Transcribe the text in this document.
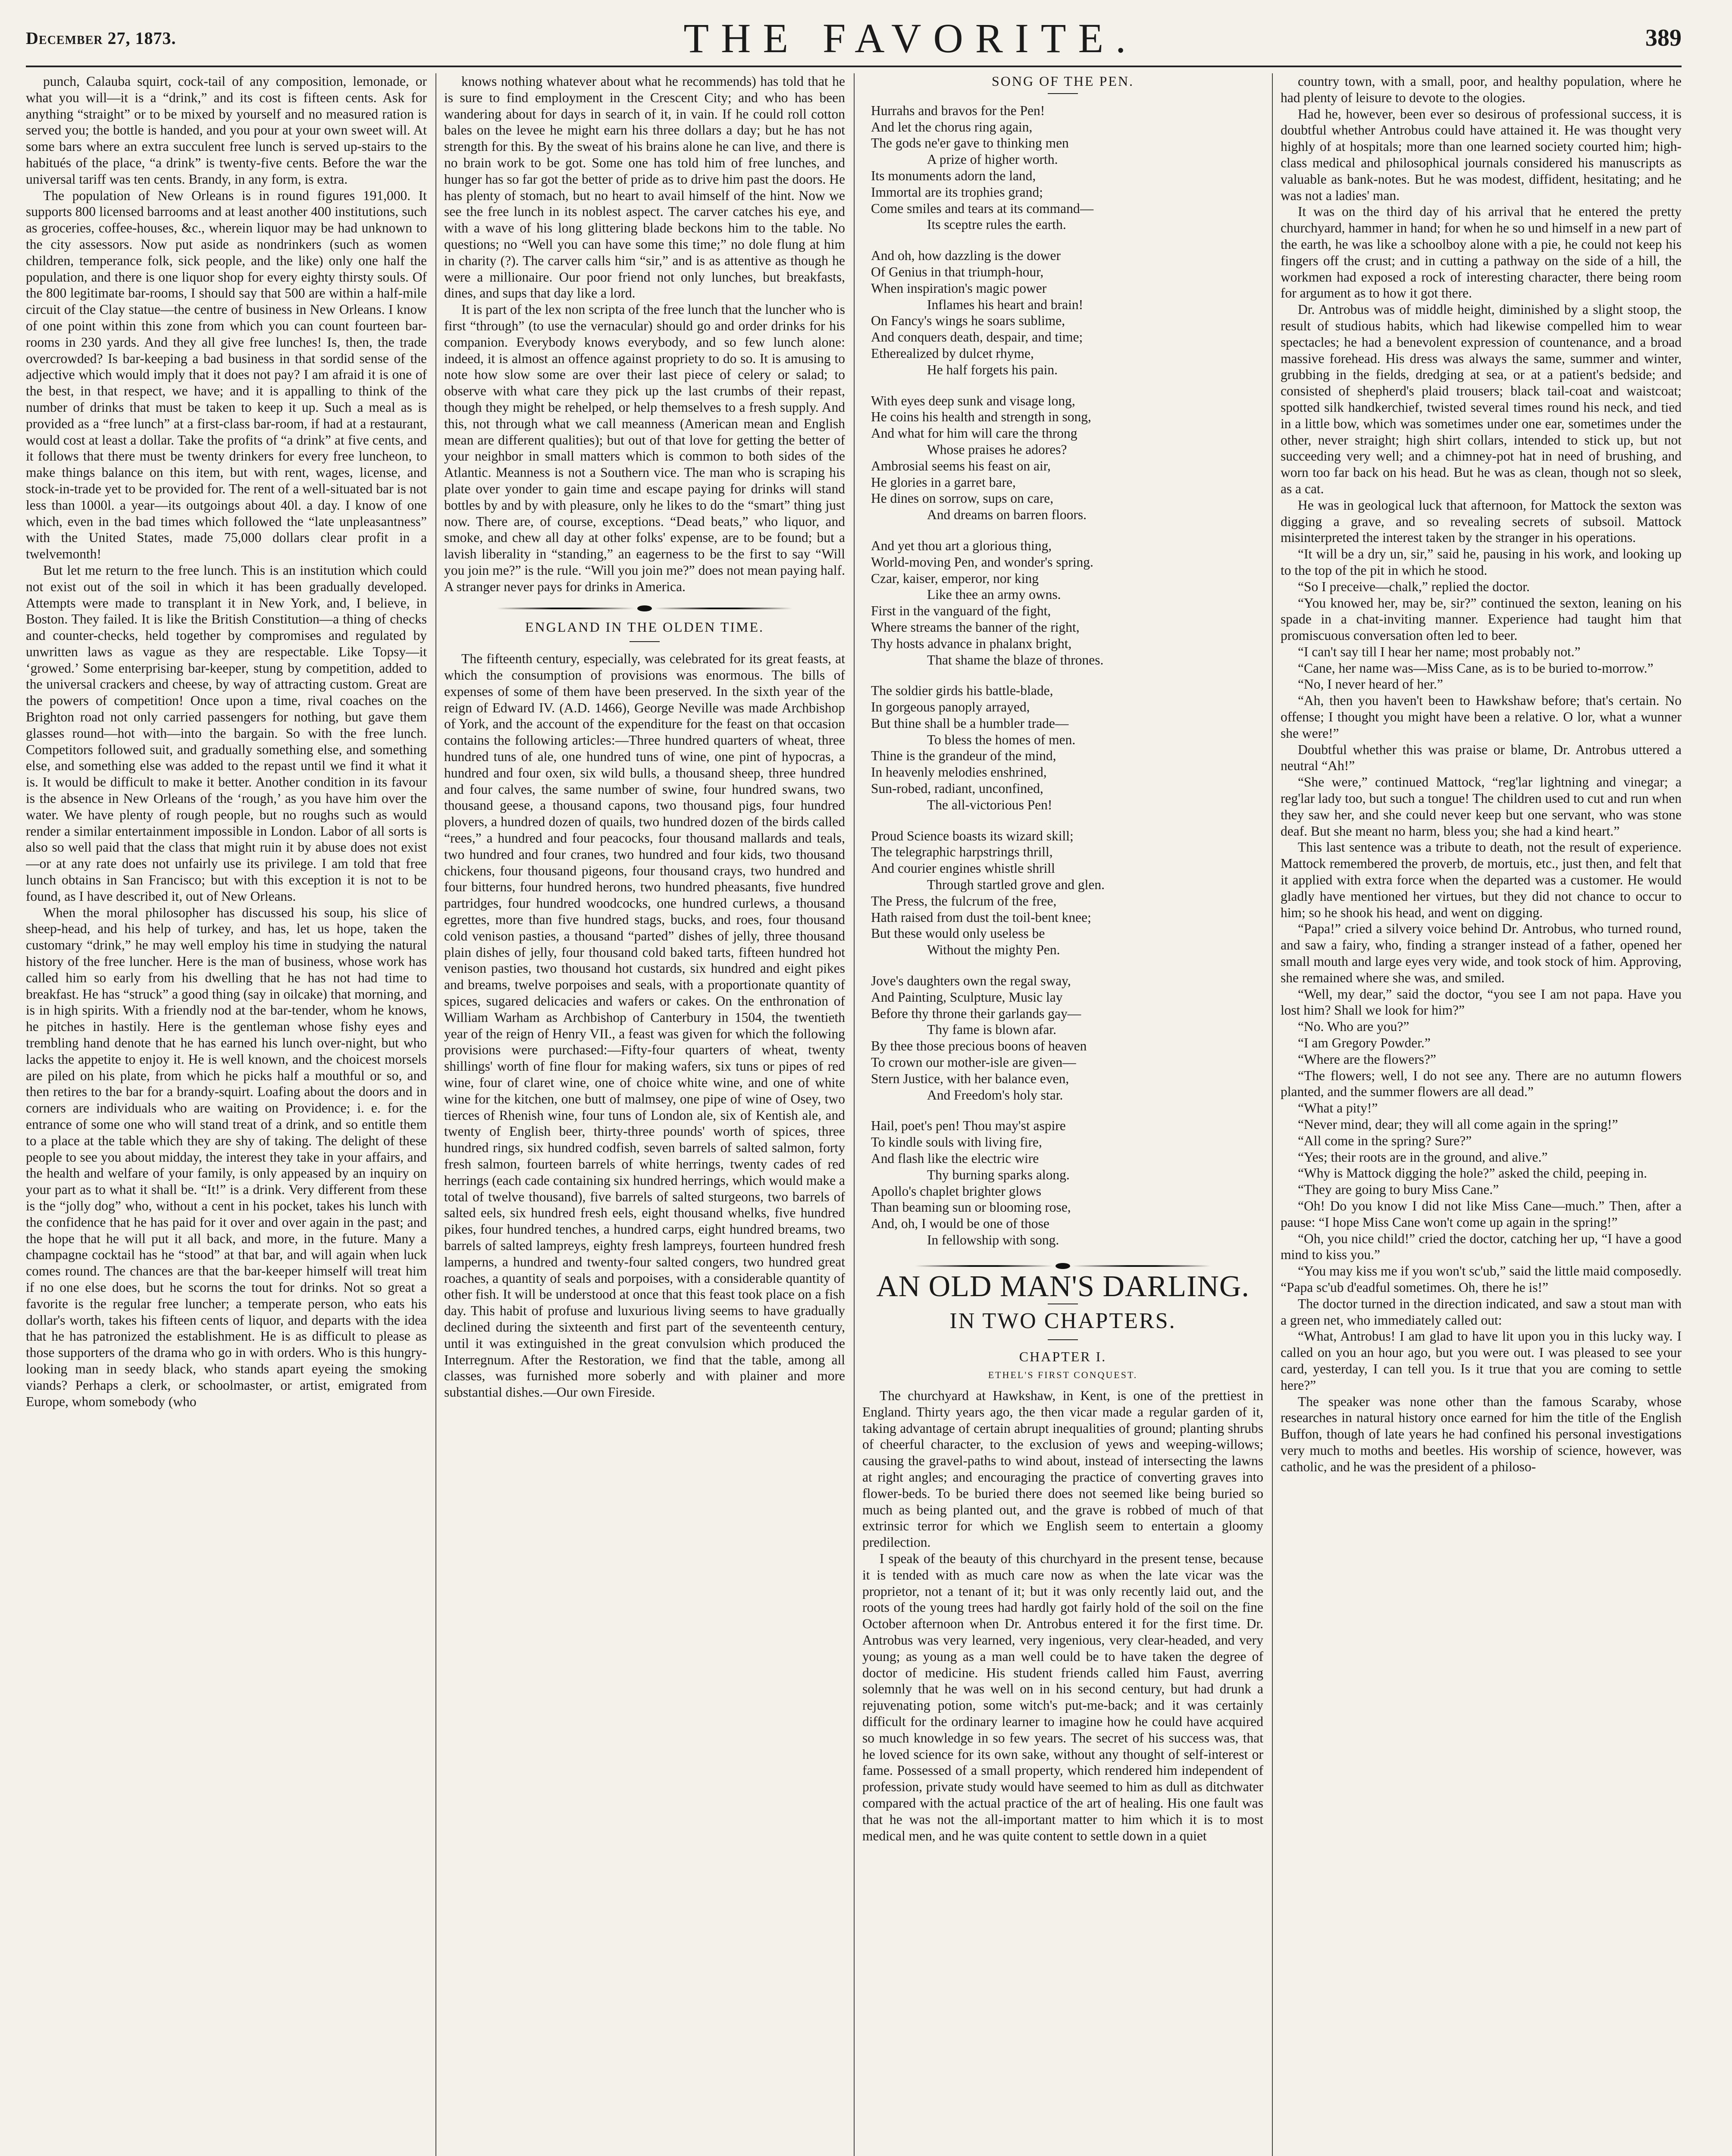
December 27, 1873.	THE FAVORITE.	389

punch, Calauba squirt, cock-tail of any composition, lemonade, or what you will—it is a “drink,” and its cost is fifteen cents. Ask for anything “straight” or to be mixed by yourself and no measured ration is served you; the bottle is handed, and you pour at your own sweet will. At some bars where an extra succulent free lunch is served up-stairs to the habitués of the place, “a drink” is twenty-five cents. Before the war the universal tariff was ten cents. Brandy, in any form, is extra.

The population of New Orleans is in round figures 191,000. It supports 800 licensed barrooms and at least another 400 institutions, such as groceries, coffee-houses, &c., wherein liquor may be had unknown to the city assessors. Now put aside as nondrinkers (such as women children, temperance folk, sick people, and the like) only one half the population, and there is one liquor shop for every eighty thirsty souls. Of the 800 legitimate bar-rooms, I should say that 500 are within a half-mile circuit of the Clay statue—the centre of business in New Orleans. I know of one point within this zone from which you can count fourteen bar-rooms in 230 yards. And they all give free lunches! Is, then, the trade overcrowded? Is bar-keeping a bad business in that sordid sense of the adjective which would imply that it does not pay? I am afraid it is one of the best, in that respect, we have; and it is appalling to think of the number of drinks that must be taken to keep it up. Such a meal as is provided as a “free lunch” at a first-class bar-room, if had at a restaurant, would cost at least a dollar. Take the profits of “a drink” at five cents, and it follows that there must be twenty drinkers for every free luncheon, to make things balance on this item, but with rent, wages, license, and stock-in-trade yet to be provided for. The rent of a well-situated bar is not less than 1000l. a year—its outgoings about 40l. a day. I know of one which, even in the bad times which followed the “late unpleasantness” with the United States, made 75,000 dollars clear profit in a twelvemonth!

But let me return to the free lunch. This is an institution which could not exist out of the soil in which it has been gradually developed. Attempts were made to transplant it in New York, and, I believe, in Boston. They failed. It is like the British Constitution—a thing of checks and counter-checks, held together by compromises and regulated by unwritten laws as vague as they are respectable. Like Topsy—it ‘growed.’ Some enterprising bar-keeper, stung by competition, added to the universal crackers and cheese, by way of attracting custom. Great are the powers of competition! Once upon a time, rival coaches on the Brighton road not only carried passengers for nothing, but gave them glasses round—hot with—into the bargain. So with the free lunch. Competitors followed suit, and gradually something else, and something else, and something else was added to the repast until we find it what it is. It would be difficult to make it better. Another condition in its favour is the absence in New Orleans of the ‘rough,’ as you have him over the water. We have plenty of rough people, but no roughs such as would render a similar entertainment impossible in London. Labor of all sorts is also so well paid that the class that might ruin it by abuse does not exist—or at any rate does not unfairly use its privilege. I am told that free lunch obtains in San Francisco; but with this exception it is not to be found, as I have described it, out of New Orleans.

When the moral philosopher has discussed his soup, his slice of sheep-head, and his help of turkey, and has, let us hope, taken the customary “drink,” he may well employ his time in studying the natural history of the free luncher. Here is the man of business, whose work has called him so early from his dwelling that he has not had time to breakfast. He has “struck” a good thing (say in oilcake) that morning, and is in high spirits. With a friendly nod at the bar-tender, whom he knows, he pitches in hastily. Here is the gentleman whose fishy eyes and trembling hand denote that he has earned his lunch over-night, but who lacks the appetite to enjoy it. He is well known, and the choicest morsels are piled on his plate, from which he picks half a mouthful or so, and then retires to the bar for a brandy-squirt. Loafing about the doors and in corners are individuals who are waiting on Providence; i. e. for the entrance of some one who will stand treat of a drink, and so entitle them to a place at the table which they are shy of taking. The delight of these people to see you about midday, the interest they take in your affairs, and the health and welfare of your family, is only appeased by an inquiry on your part as to what it shall be. “It!” is a drink. Very different from these is the “jolly dog” who, without a cent in his pocket, takes his lunch with the confidence that he has paid for it over and over again in the past; and the hope that he will put it all back, and more, in the future. Many a champagne cocktail has he “stood” at that bar, and will again when luck comes round. The chances are that the bar-keeper himself will treat him if no one else does, but he scorns the tout for drinks. Not so great a favorite is the regular free luncher; a temperate person, who eats his dollar's worth, takes his fifteen cents of liquor, and departs with the idea that he has patronized the establishment. He is as difficult to please as those supporters of the drama who go in with orders. Who is this hungry-looking man in seedy black, who stands apart eyeing the smoking viands? Perhaps a clerk, or schoolmaster, or artist, emigrated from Europe, whom somebody (who

knows nothing whatever about what he recommends) has told that he is sure to find employment in the Crescent City; and who has been wandering about for days in search of it, in vain. If he could roll cotton bales on the levee he might earn his three dollars a day; but he has not strength for this. By the sweat of his brains alone he can live, and there is no brain work to be got. Some one has told him of free lunches, and hunger has so far got the better of pride as to drive him past the doors. He has plenty of stomach, but no heart to avail himself of the hint. Now we see the free lunch in its noblest aspect. The carver catches his eye, and with a wave of his long glittering blade beckons him to the table. No questions; no “Well you can have some this time;” no dole flung at him in charity (?). The carver calls him “sir,” and is as attentive as though he were a millionaire. Our poor friend not only lunches, but breakfasts, dines, and sups that day like a lord.

It is part of the lex non scripta of the free lunch that the luncher who is first “through” (to use the vernacular) should go and order drinks for his companion. Everybody knows everybody, and so few lunch alone: indeed, it is almost an offence against propriety to do so. It is amusing to note how slow some are over their last piece of celery or salad; to observe with what care they pick up the last crumbs of their repast, though they might be rehelped, or help themselves to a fresh supply. And this, not through what we call meanness (American mean and English mean are different qualities); but out of that love for getting the better of your neighbor in small matters which is common to both sides of the Atlantic. Meanness is not a Southern vice. The man who is scraping his plate over yonder to gain time and escape paying for drinks will stand bottles by and by with pleasure, only he likes to do the “smart” thing just now. There are, of course, exceptions. “Dead beats,” who liquor, and smoke, and chew all day at other folks' expense, are to be found; but a lavish liberality in “standing,” an eagerness to be the first to say “Will you join me?” is the rule. “Will you join me?” does not mean paying half. A stranger never pays for drinks in America.

ENGLAND IN THE OLDEN TIME.

The fifteenth century, especially, was celebrated for its great feasts, at which the consumption of provisions was enormous. The bills of expenses of some of them have been preserved. In the sixth year of the reign of Edward IV. (A.D. 1466), George Neville was made Archbishop of York, and the account of the expenditure for the feast on that occasion contains the following articles:—Three hundred quarters of wheat, three hundred tuns of ale, one hundred tuns of wine, one pint of hypocras, a hundred and four oxen, six wild bulls, a thousand sheep, three hundred and four calves, the same number of swine, four hundred swans, two thousand geese, a thousand capons, two thousand pigs, four hundred plovers, a hundred dozen of quails, two hundred dozen of the birds called “rees,” a hundred and four peacocks, four thousand mallards and teals, two hundred and four cranes, two hundred and four kids, two thousand chickens, four thousand pigeons, four thousand crays, two hundred and four bitterns, four hundred herons, two hundred pheasants, five hundred partridges, four hundred woodcocks, one hundred curlews, a thousand egrettes, more than five hundred stags, bucks, and roes, four thousand cold venison pasties, a thousand “parted” dishes of jelly, three thousand plain dishes of jelly, four thousand cold baked tarts, fifteen hundred hot venison pasties, two thousand hot custards, six hundred and eight pikes and breams, twelve porpoises and seals, with a proportionate quantity of spices, sugared delicacies and wafers or cakes. On the enthronation of William Warham as Archbishop of Canterbury in 1504, the twentieth year of the reign of Henry VII., a feast was given for which the following provisions were purchased:—Fifty-four quarters of wheat, twenty shillings' worth of fine flour for making wafers, six tuns or pipes of red wine, four of claret wine, one of choice white wine, and one of white wine for the kitchen, one butt of malmsey, one pipe of wine of Osey, two tierces of Rhenish wine, four tuns of London ale, six of Kentish ale, and twenty of English beer, thirty-three pounds' worth of spices, three hundred rings, six hundred codfish, seven barrels of salted salmon, forty fresh salmon, fourteen barrels of white herrings, twenty cades of red herrings (each cade containing six hundred herrings, which would make a total of twelve thousand), five barrels of salted sturgeons, two barrels of salted eels, six hundred fresh eels, eight thousand whelks, five hundred pikes, four hundred tenches, a hundred carps, eight hundred breams, two barrels of salted lampreys, eighty fresh lampreys, fourteen hundred fresh lamperns, a hundred and twenty-four salted congers, two hundred great roaches, a quantity of seals and porpoises, with a considerable quantity of other fish. It will be understood at once that this feast took place on a fish day. This habit of profuse and luxurious living seems to have gradually declined during the sixteenth and first part of the seventeenth century, until it was extinguished in the great convulsion which produced the Interregnum. After the Restoration, we find that the table, among all classes, was furnished more soberly and with plainer and more substantial dishes.—Our own Fireside.

SONG OF THE PEN.
Hurrahs and bravos for the Pen!
And let the chorus ring again,
The gods ne'er gave to thinking men
A prize of higher worth.
Its monuments adorn the land,
Immortal are its trophies grand;
Come smiles and tears at its command—
Its sceptre rules the earth.
And oh, how dazzling is the dower
Of Genius in that triumph-hour,
When inspiration's magic power
Inflames his heart and brain!
On Fancy's wings he soars sublime,
And conquers death, despair, and time;
Etherealized by dulcet rhyme,
He half forgets his pain.
With eyes deep sunk and visage long,
He coins his health and strength in song,
And what for him will care the throng
Whose praises he adores?
Ambrosial seems his feast on air,
He glories in a garret bare,
He dines on sorrow, sups on care,
And dreams on barren floors.
And yet thou art a glorious thing,
World-moving Pen, and wonder's spring.
Czar, kaiser, emperor, nor king
Like thee an army owns.
First in the vanguard of the fight,
Where streams the banner of the right,
Thy hosts advance in phalanx bright,
That shame the blaze of thrones.
The soldier girds his battle-blade,
In gorgeous panoply arrayed,
But thine shall be a humbler trade—
To bless the homes of men.
Thine is the grandeur of the mind,
In heavenly melodies enshrined,
Sun-robed, radiant, unconfined,
The all-victorious Pen!
Proud Science boasts its wizard skill;
The telegraphic harpstrings thrill,
And courier engines whistle shrill
Through startled grove and glen.
The Press, the fulcrum of the free,
Hath raised from dust the toil-bent knee;
But these would only useless be
Without the mighty Pen.
Jove's daughters own the regal sway,
And Painting, Sculpture, Music lay
Before thy throne their garlands gay—
Thy fame is blown afar.
By thee those precious boons of heaven
To crown our mother-isle are given—
Stern Justice, with her balance even,
And Freedom's holy star.
Hail, poet's pen! Thou may'st aspire
To kindle souls with living fire,
And flash like the electric wire
Thy burning sparks along.
Apollo's chaplet brighter glows
Than beaming sun or blooming rose,
And, oh, I would be one of those
In fellowship with song.
AN OLD MAN'S DARLING.
IN TWO CHAPTERS.
CHAPTER I.
ETHEL'S FIRST CONQUEST.

The churchyard at Hawkshaw, in Kent, is one of the prettiest in England. Thirty years ago, the then vicar made a regular garden of it, taking advantage of certain abrupt inequalities of ground; planting shrubs of cheerful character, to the exclusion of yews and weeping-willows; causing the gravel-paths to wind about, instead of intersecting the lawns at right angles; and encouraging the practice of converting graves into flower-beds. To be buried there does not seemed like being buried so much as being planted out, and the grave is robbed of much of that extrinsic terror for which we English seem to entertain a gloomy predilection.

I speak of the beauty of this churchyard in the present tense, because it is tended with as much care now as when the late vicar was the proprietor, not a tenant of it; but it was only recently laid out, and the roots of the young trees had hardly got fairly hold of the soil on the fine October afternoon when Dr. Antrobus entered it for the first time. Dr. Antrobus was very learned, very ingenious, very clear-headed, and very young; as young as a man well could be to have taken the degree of doctor of medicine. His student friends called him Faust, averring solemnly that he was well on in his second century, but had drunk a rejuvenating potion, some witch's put-me-back; and it was certainly difficult for the ordinary learner to imagine how he could have acquired so much knowledge in so few years. The secret of his success was, that he loved science for its own sake, without any thought of self-interest or fame. Possessed of a small property, which rendered him independent of profession, private study would have seemed to him as dull as ditchwater compared with the actual practice of the art of healing. His one fault was that he was not the all-important matter to him which it is to most medical men, and he was quite content to settle down in a quiet

country town, with a small, poor, and healthy population, where he had plenty of leisure to devote to the ologies.

Had he, however, been ever so desirous of professional success, it is doubtful whether Antrobus could have attained it. He was thought very highly of at hospitals; more than one learned society courted him; high-class medical and philosophical journals considered his manuscripts as valuable as bank-notes. But he was modest, diffident, hesitating; and he was not a ladies' man.

It was on the third day of his arrival that he entered the pretty churchyard, hammer in hand; for when he so und himself in a new part of the earth, he was like a schoolboy alone with a pie, he could not keep his fingers off the crust; and in cutting a pathway on the side of a hill, the workmen had exposed a rock of interesting character, there being room for argument as to how it got there.

Dr. Antrobus was of middle height, diminished by a slight stoop, the result of studious habits, which had likewise compelled him to wear spectacles; he had a benevolent expression of countenance, and a broad massive forehead. His dress was always the same, summer and winter, grubbing in the fields, dredging at sea, or at a patient's bedside; and consisted of shepherd's plaid trousers; black tail-coat and waistcoat; spotted silk handkerchief, twisted several times round his neck, and tied in a little bow, which was sometimes under one ear, sometimes under the other, never straight; high shirt collars, intended to stick up, but not succeeding very well; and a chimney-pot hat in need of brushing, and worn too far back on his head. But he was as clean, though not so sleek, as a cat.

He was in geological luck that afternoon, for Mattock the sexton was digging a grave, and so revealing secrets of subsoil. Mattock misinterpreted the interest taken by the stranger in his operations.

“It will be a dry un, sir,” said he, pausing in his work, and looking up to the top of the pit in which he stood.

“So I preceive—chalk,” replied the doctor.

“You knowed her, may be, sir?” continued the sexton, leaning on his spade in a chat-inviting manner. Experience had taught him that promiscuous conversation often led to beer.

“I can't say till I hear her name; most probably not.”

“Cane, her name was—Miss Cane, as is to be buried to-morrow.”

“No, I never heard of her.”

“Ah, then you haven't been to Hawkshaw before; that's certain. No offense; I thought you might have been a relative. O lor, what a wunner she were!”

Doubtful whether this was praise or blame, Dr. Antrobus uttered a neutral “Ah!”

“She were,” continued Mattock, “reg'lar lightning and vinegar; a reg'lar lady too, but such a tongue! The children used to cut and run when they saw her, and she could never keep but one servant, who was stone deaf. But she meant no harm, bless you; she had a kind heart.”

This last sentence was a tribute to death, not the result of experience. Mattock remembered the proverb, de mortuis, etc., just then, and felt that it applied with extra force when the departed was a customer. He would gladly have mentioned her virtues, but they did not chance to occur to him; so he shook his head, and went on digging.

“Papa!” cried a silvery voice behind Dr. Antrobus, who turned round, and saw a fairy, who, finding a stranger instead of a father, opened her small mouth and large eyes very wide, and took stock of him. Approving, she remained where she was, and smiled.

“Well, my dear,” said the doctor, “you see I am not papa. Have you lost him? Shall we look for him?”

“No. Who are you?”

“I am Gregory Powder.”

“Where are the flowers?”

“The flowers; well, I do not see any. There are no autumn flowers planted, and the summer flowers are all dead.”

“What a pity!”

“Never mind, dear; they will all come again in the spring!”

“All come in the spring? Sure?”

“Yes; their roots are in the ground, and alive.”

“Why is Mattock digging the hole?” asked the child, peeping in.

“They are going to bury Miss Cane.”

“Oh! Do you know I did not like Miss Cane—much.” Then, after a pause: “I hope Miss Cane won't come up again in the spring!”

“Oh, you nice child!” cried the doctor, catching her up, “I have a good mind to kiss you.”

“You may kiss me if you won't sc'ub,” said the little maid composedly. “Papa sc'ub d'eadful sometimes. Oh, there he is!”

The doctor turned in the direction indicated, and saw a stout man with a green net, who immediately called out:

“What, Antrobus! I am glad to have lit upon you in this lucky way. I called on you an hour ago, but you were out. I was pleased to see your card, yesterday, I can tell you. Is it true that you are coming to settle here?”

The speaker was none other than the famous Scaraby, whose researches in natural history once earned for him the title of the English Buffon, though of late years he had confined his personal investigations very much to moths and beetles. His worship of science, however, was catholic, and he was the president of a philoso-
